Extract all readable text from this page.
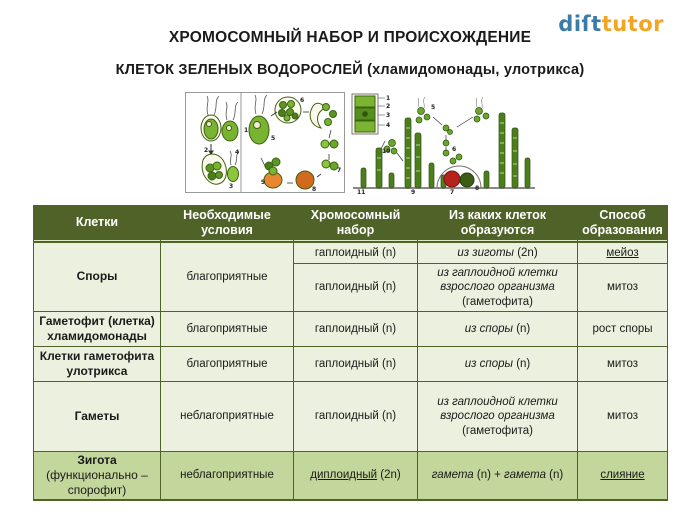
diſttutor
ХРОМОСОМНЫЙ НАБОР И ПРОИСХОЖДЕНИЕ
КЛЕТОК ЗЕЛЕНЫХ ВОДОРОСЛЕЙ (хламидомонады, улотрикса)
1
2
3
4
5
6
7
8
9
1
2
3
4
5
6
7
8
9
10
11
Клетки	Необходимые условия	Хромосомный набор	Из каких клеток образуются	Способ образования
Споры	благоприятные	гаплоидный (n)	из зиготы (2n)	мейоз
		гаплоидный (n)	из гаплоидной клетки взрослого организма (гаметофита)	митоз
Гаметофит (клетка) хламидомонады	благоприятные	гаплоидный (n)	из споры (n)	рост споры
Клетки гаметофита улотрикса	благоприятные	гаплоидный (n)	из споры (n)	митоз
Гаметы	неблагоприятные	гаплоидный (n)	из гаплоидной клетки взрослого организма (гаметофита)	митоз
Зигота
(функционально – спорофит)	неблагоприятные	диплоидный (2n)	гамета (n) + гамета (n)	слияние
